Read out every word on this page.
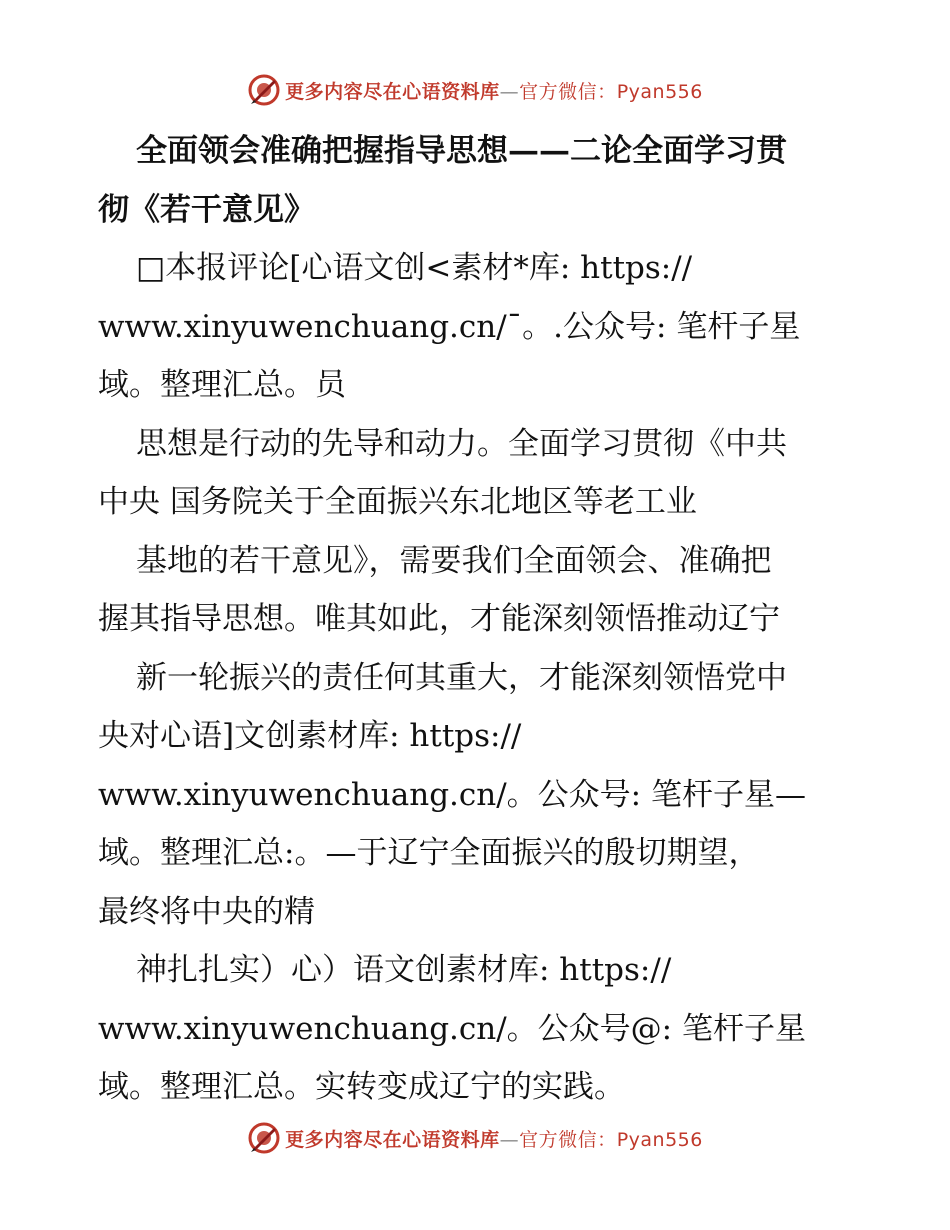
更多内容尽在心语资料库—官方微信：Pyan556
全面领会准确把握指导思想——二论全面学习贯
彻《若干意见》
□本报评论[心语文创<素材*库: https://
www.xinyuwenchuang.cn/¯。.公众号: 笔杆子星
域。整理汇总。员
思想是行动的先导和动力。全面学习贯彻《中共
中央 国务院关于全面振兴东北地区等老工业
基地的若干意见》，需要我们全面领会、准确把
握其指导思想。唯其如此，才能深刻领悟推动辽宁
新一轮振兴的责任何其重大，才能深刻领悟党中
央对心语]文创素材库: https://
www.xinyuwenchuang.cn/。公众号: 笔杆子星—
域。整理汇总:。—于辽宁全面振兴的殷切期望，
最终将中央的精
神扎扎实）心）语文创素材库: https://
www.xinyuwenchuang.cn/。公众号@: 笔杆子星
域。整理汇总。实转变成辽宁的实践。
更多内容尽在心语资料库—官方微信：Pyan556
